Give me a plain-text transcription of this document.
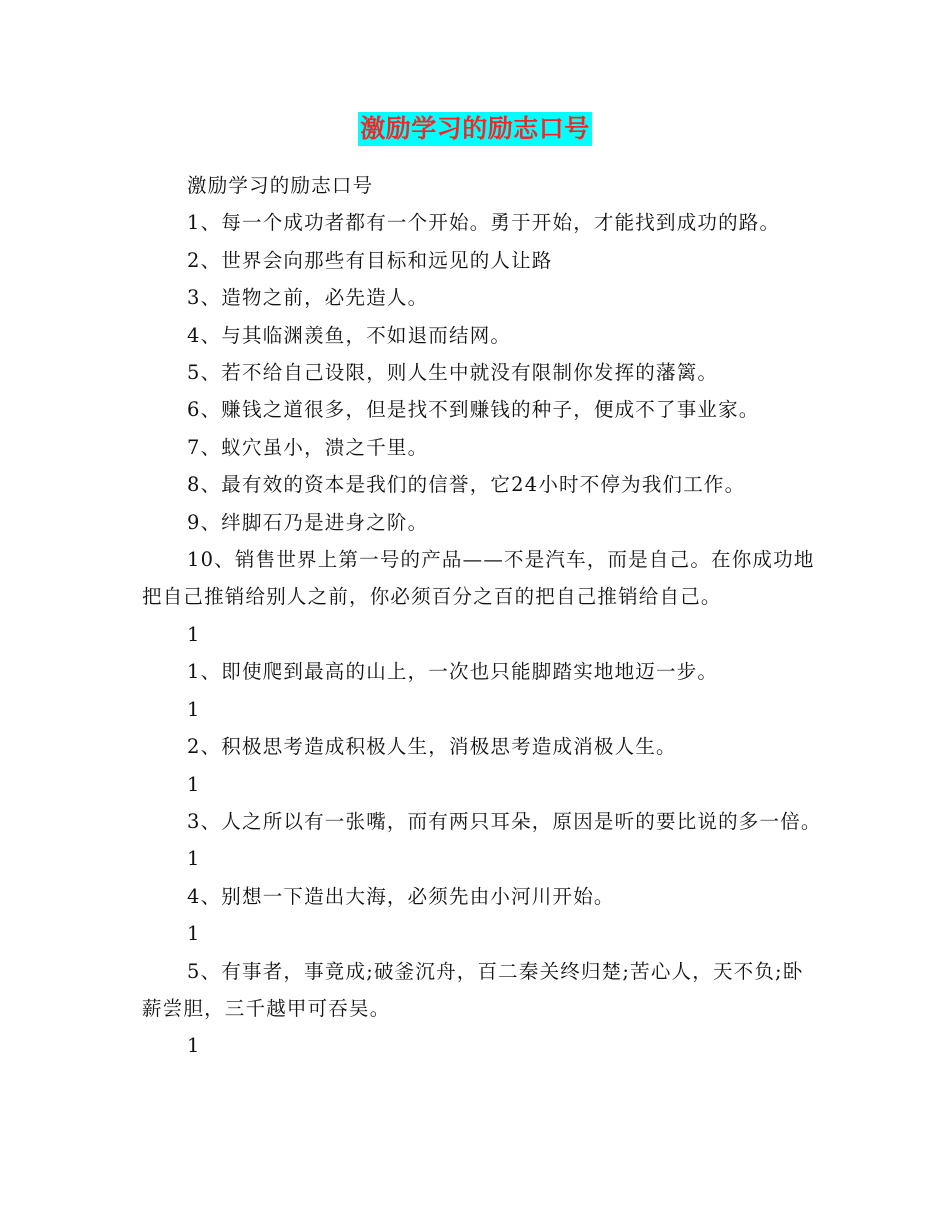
激励学习的励志口号

激励学习的励志口号

1、每一个成功者都有一个开始。勇于开始，才能找到成功的路。

2、世界会向那些有目标和远见的人让路

3、造物之前，必先造人。

4、与其临渊羡鱼，不如退而结网。

5、若不给自己设限，则人生中就没有限制你发挥的藩篱。

6、赚钱之道很多，但是找不到赚钱的种子，便成不了事业家。

7、蚁穴虽小，溃之千里。

8、最有效的资本是我们的信誉，它24小时不停为我们工作。

9、绊脚石乃是进身之阶。

10、销售世界上第一号的产品——不是汽车，而是自己。在你成功地把自己推销给别人之前，你必须百分之百的把自己推销给自己。

1

1、即使爬到最高的山上，一次也只能脚踏实地地迈一步。

1

2、积极思考造成积极人生，消极思考造成消极人生。

1

3、人之所以有一张嘴，而有两只耳朵，原因是听的要比说的多一倍。

1

4、别想一下造出大海，必须先由小河川开始。

1

5、有事者，事竟成;破釜沉舟，百二秦关终归楚;苦心人，天不负;卧薪尝胆，三千越甲可吞吴。

1
